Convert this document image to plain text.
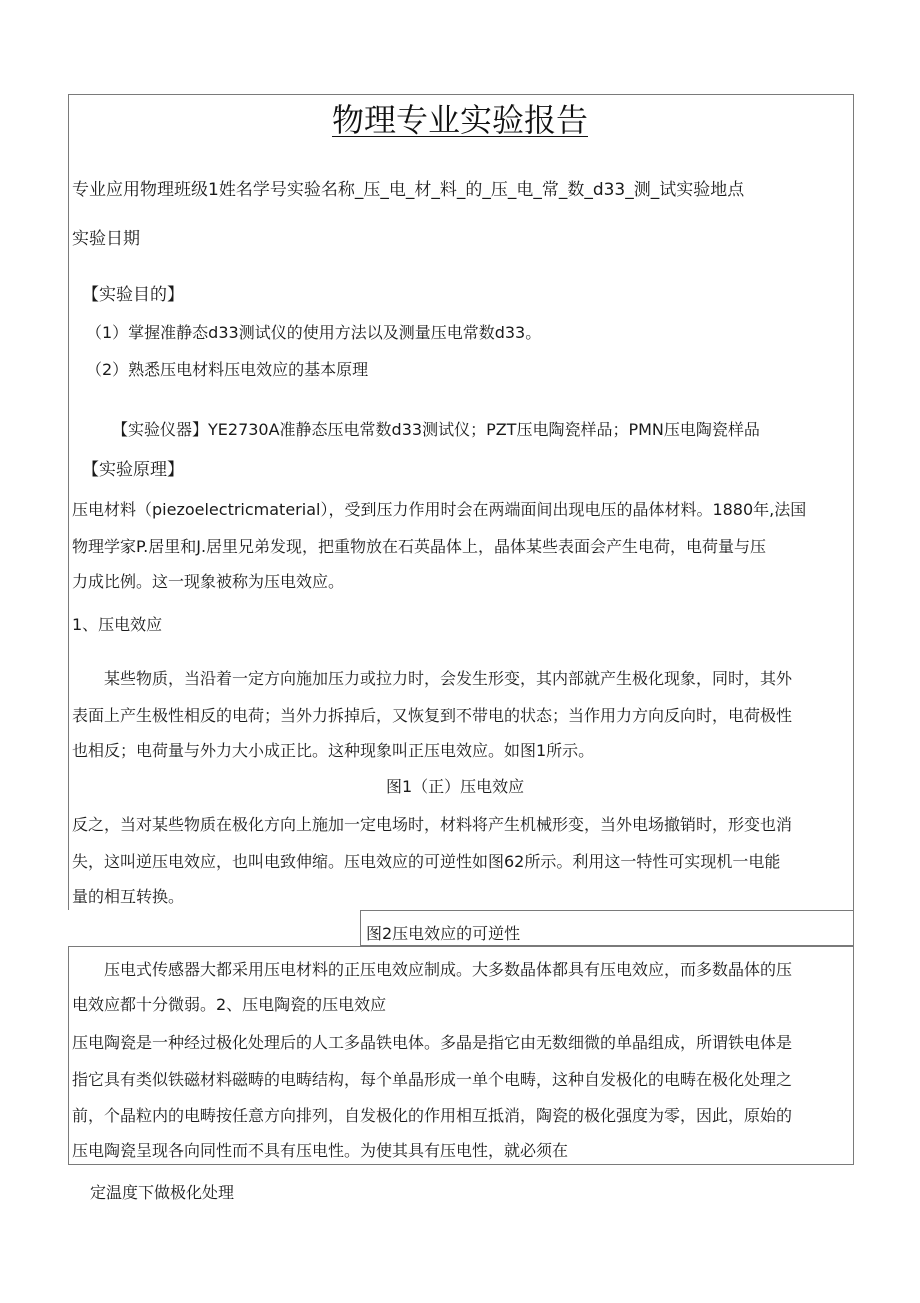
物理专业实验报告
专业应用物理班级1姓名学号实验名称_压_电_材_料_的_压_电_常_数_d33_测_试实验地点
实验日期
【实验目的】
（1）掌握准静态d33测试仪的使用方法以及测量压电常数d33。
（2）熟悉压电材料压电效应的基本原理
【实验仪器】YE2730A准静态压电常数d33测试仪；PZT压电陶瓷样品；PMN压电陶瓷样品
【实验原理】
压电材料（piezoelectricmaterial），受到压力作用时会在两端面间出现电压的晶体材料。1880年,法国
物理学家P.居里和J.居里兄弟发现，把重物放在石英晶体上，晶体某些表面会产生电荷，电荷量与压
力成比例。这一现象被称为压电效应。
1、压电效应
某些物质，当沿着一定方向施加压力或拉力时，会发生形变，其内部就产生极化现象，同时，其外
表面上产生极性相反的电荷；当外力拆掉后，又恢复到不带电的状态；当作用力方向反向时，电荷极性
也相反；电荷量与外力大小成正比。这种现象叫正压电效应。如图1所示。
图1（正）压电效应
反之，当对某些物质在极化方向上施加一定电场时，材料将产生机械形变，当外电场撤销时，形变也消
失，这叫逆压电效应，也叫电致伸缩。压电效应的可逆性如图62所示。利用这一特性可实现机一电能
量的相互转换。
图2压电效应的可逆性
压电式传感器大都采用压电材料的正压电效应制成。大多数晶体都具有压电效应，而多数晶体的压
电效应都十分微弱。2、压电陶瓷的压电效应
压电陶瓷是一种经过极化处理后的人工多晶铁电体。多晶是指它由无数细微的单晶组成，所谓铁电体是
指它具有类似铁磁材料磁畴的电畴结构，每个单晶形成一单个电畴，这种自发极化的电畴在极化处理之
前，个晶粒内的电畴按任意方向排列，自发极化的作用相互抵消，陶瓷的极化强度为零，因此，原始的
压电陶瓷呈现各向同性而不具有压电性。为使其具有压电性，就必须在
定温度下做极化处理
